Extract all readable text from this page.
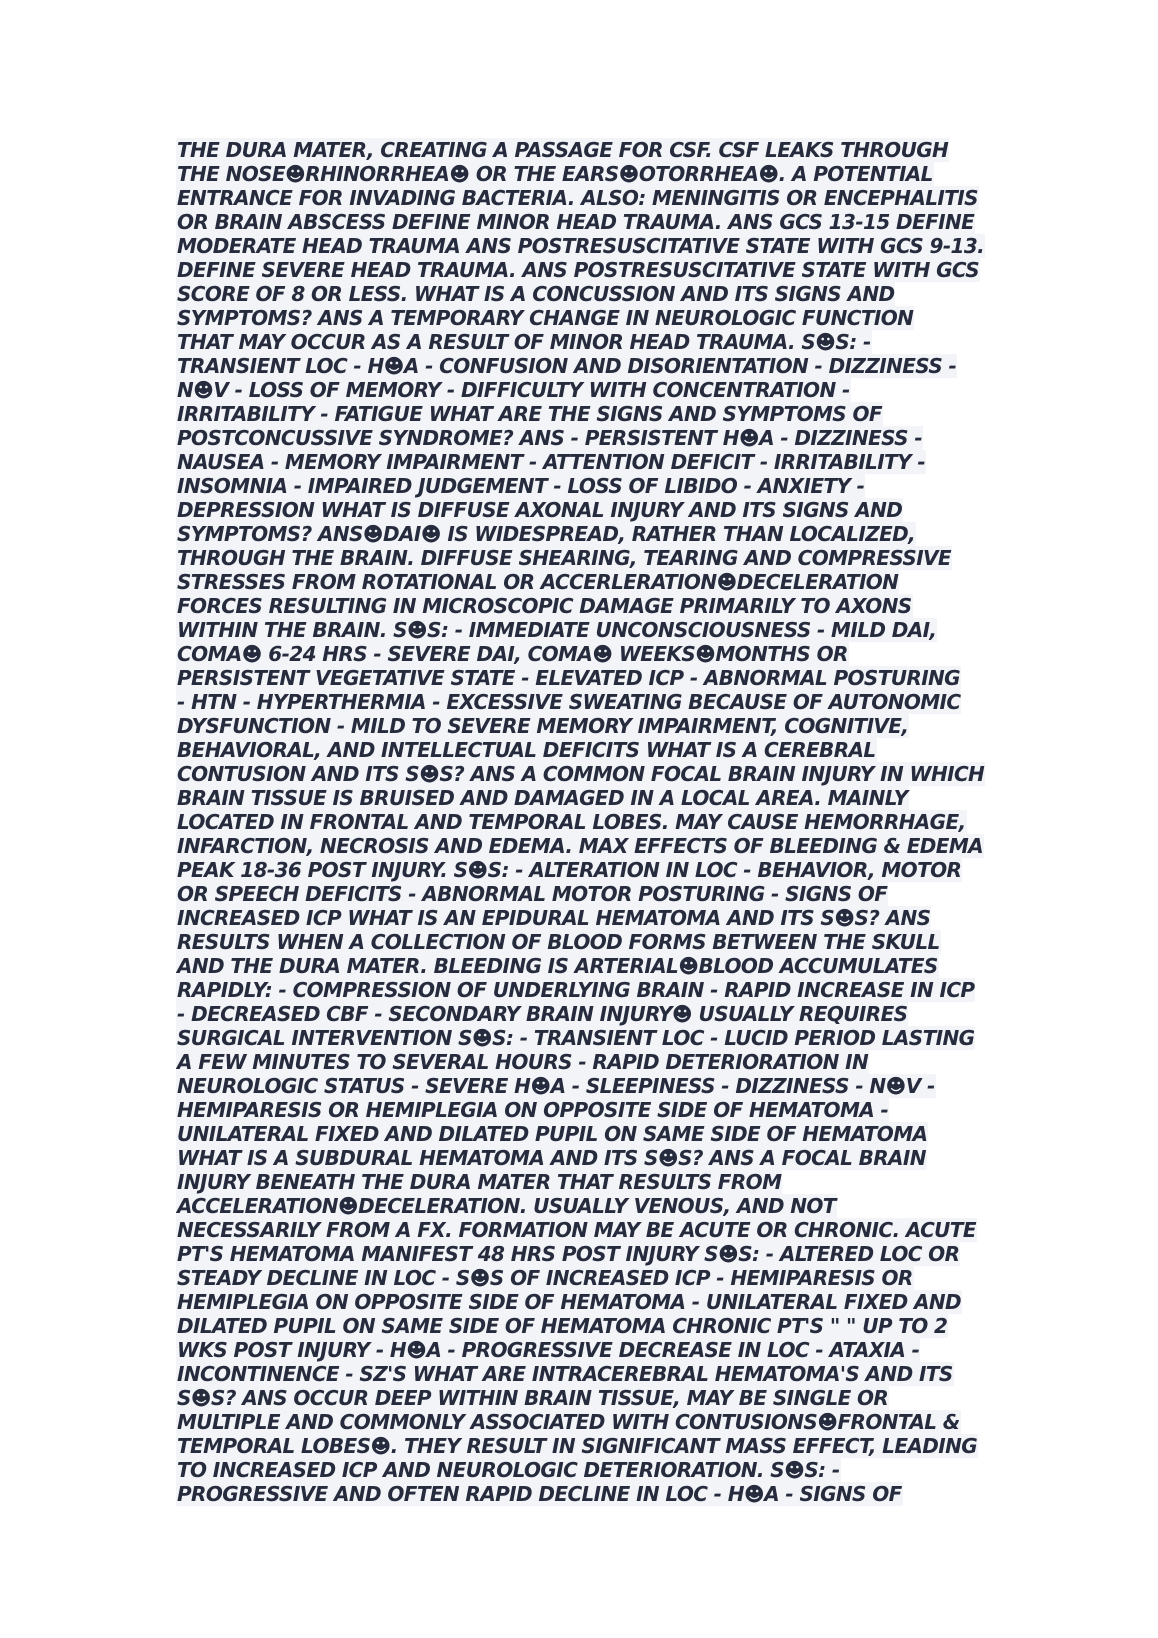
THE DURA MATER, CREATING A PASSAGE FOR CSF. CSF LEAKS THROUGH
THE NOSE☻RHINORRHEA☻ OR THE EARS☻OTORRHEA☻. A POTENTIAL
ENTRANCE FOR INVADING BACTERIA. ALSO: MENINGITIS OR ENCEPHALITIS
OR BRAIN ABSCESS DEFINE MINOR HEAD TRAUMA. ANS GCS 13-15 DEFINE
MODERATE HEAD TRAUMA ANS POSTRESUSCITATIVE STATE WITH GCS 9-13.
DEFINE SEVERE HEAD TRAUMA. ANS POSTRESUSCITATIVE STATE WITH GCS
SCORE OF 8 OR LESS. WHAT IS A CONCUSSION AND ITS SIGNS AND
SYMPTOMS? ANS A TEMPORARY CHANGE IN NEUROLOGIC FUNCTION
THAT MAY OCCUR AS A RESULT OF MINOR HEAD TRAUMA. S☻S: -
TRANSIENT LOC - H☻A - CONFUSION AND DISORIENTATION - DIZZINESS -
N☻V - LOSS OF MEMORY - DIFFICULTY WITH CONCENTRATION -
IRRITABILITY - FATIGUE WHAT ARE THE SIGNS AND SYMPTOMS OF
POSTCONCUSSIVE SYNDROME? ANS - PERSISTENT H☻A - DIZZINESS -
NAUSEA - MEMORY IMPAIRMENT - ATTENTION DEFICIT - IRRITABILITY -
INSOMNIA - IMPAIRED JUDGEMENT - LOSS OF LIBIDO - ANXIETY -
DEPRESSION WHAT IS DIFFUSE AXONAL INJURY AND ITS SIGNS AND
SYMPTOMS? ANS☻DAI☻ IS WIDESPREAD, RATHER THAN LOCALIZED,
THROUGH THE BRAIN. DIFFUSE SHEARING, TEARING AND COMPRESSIVE
STRESSES FROM ROTATIONAL OR ACCERLERATION☻DECELERATION
FORCES RESULTING IN MICROSCOPIC DAMAGE PRIMARILY TO AXONS
WITHIN THE BRAIN. S☻S: - IMMEDIATE UNCONSCIOUSNESS - MILD DAI,
COMA☻ 6-24 HRS - SEVERE DAI, COMA☻ WEEKS☻MONTHS OR
PERSISTENT VEGETATIVE STATE - ELEVATED ICP - ABNORMAL POSTURING
- HTN - HYPERTHERMIA - EXCESSIVE SWEATING BECAUSE OF AUTONOMIC
DYSFUNCTION - MILD TO SEVERE MEMORY IMPAIRMENT, COGNITIVE,
BEHAVIORAL, AND INTELLECTUAL DEFICITS WHAT IS A CEREBRAL
CONTUSION AND ITS S☻S? ANS A COMMON FOCAL BRAIN INJURY IN WHICH
BRAIN TISSUE IS BRUISED AND DAMAGED IN A LOCAL AREA. MAINLY
LOCATED IN FRONTAL AND TEMPORAL LOBES. MAY CAUSE HEMORRHAGE,
INFARCTION, NECROSIS AND EDEMA. MAX EFFECTS OF BLEEDING & EDEMA
PEAK 18-36 POST INJURY. S☻S: - ALTERATION IN LOC - BEHAVIOR, MOTOR
OR SPEECH DEFICITS - ABNORMAL MOTOR POSTURING - SIGNS OF
INCREASED ICP WHAT IS AN EPIDURAL HEMATOMA AND ITS S☻S? ANS
RESULTS WHEN A COLLECTION OF BLOOD FORMS BETWEEN THE SKULL
AND THE DURA MATER. BLEEDING IS ARTERIAL☻BLOOD ACCUMULATES
RAPIDLY: - COMPRESSION OF UNDERLYING BRAIN - RAPID INCREASE IN ICP
- DECREASED CBF - SECONDARY BRAIN INJURY☻ USUALLY REQUIRES
SURGICAL INTERVENTION S☻S: - TRANSIENT LOC - LUCID PERIOD LASTING
A FEW MINUTES TO SEVERAL HOURS - RAPID DETERIORATION IN
NEUROLOGIC STATUS - SEVERE H☻A - SLEEPINESS - DIZZINESS - N☻V -
HEMIPARESIS OR HEMIPLEGIA ON OPPOSITE SIDE OF HEMATOMA -
UNILATERAL FIXED AND DILATED PUPIL ON SAME SIDE OF HEMATOMA
WHAT IS A SUBDURAL HEMATOMA AND ITS S☻S? ANS A FOCAL BRAIN
INJURY BENEATH THE DURA MATER THAT RESULTS FROM
ACCELERATION☻DECELERATION. USUALLY VENOUS, AND NOT
NECESSARILY FROM A FX. FORMATION MAY BE ACUTE OR CHRONIC. ACUTE
PT'S HEMATOMA MANIFEST 48 HRS POST INJURY S☻S: - ALTERED LOC OR
STEADY DECLINE IN LOC - S☻S OF INCREASED ICP - HEMIPARESIS OR
HEMIPLEGIA ON OPPOSITE SIDE OF HEMATOMA - UNILATERAL FIXED AND
DILATED PUPIL ON SAME SIDE OF HEMATOMA CHRONIC PT'S " " UP TO 2
WKS POST INJURY - H☻A - PROGRESSIVE DECREASE IN LOC - ATAXIA -
INCONTINENCE - SZ'S WHAT ARE INTRACEREBRAL HEMATOMA'S AND ITS
S☻S? ANS OCCUR DEEP WITHIN BRAIN TISSUE, MAY BE SINGLE OR
MULTIPLE AND COMMONLY ASSOCIATED WITH CONTUSIONS☻FRONTAL &
TEMPORAL LOBES☻. THEY RESULT IN SIGNIFICANT MASS EFFECT, LEADING
TO INCREASED ICP AND NEUROLOGIC DETERIORATION. S☻S: -
PROGRESSIVE AND OFTEN RAPID DECLINE IN LOC - H☻A - SIGNS OF
